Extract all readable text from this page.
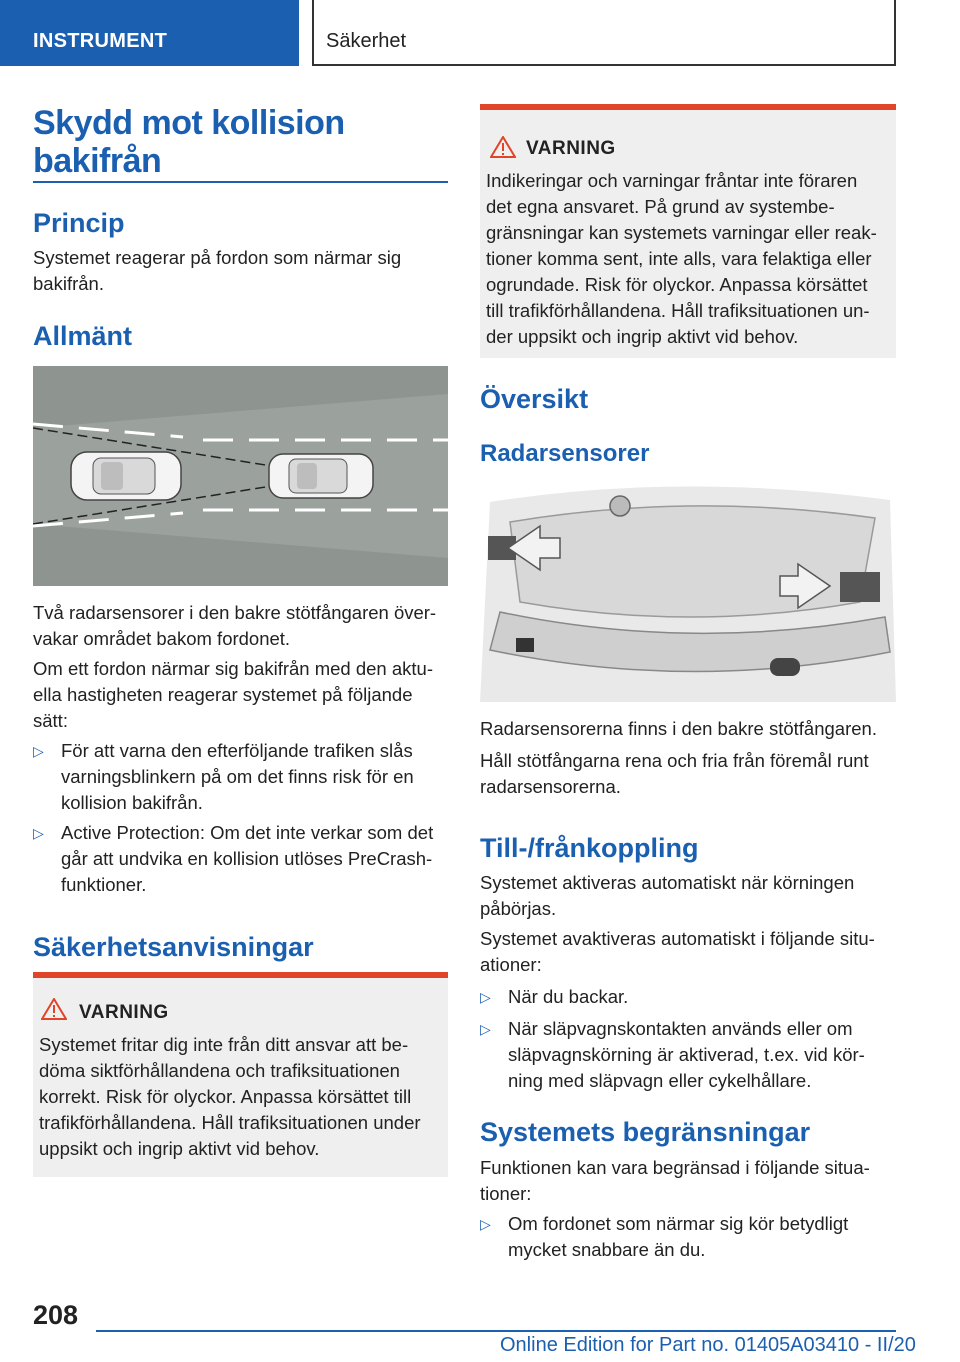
INSTRUMENT	Säkerhet
Skydd mot kollision
bakifrån
Princip
Systemet reagerar på fordon som närmar sig
bakifrån.
Allmänt
Två radarsensorer i den bakre stötfångaren över‐
vakar området bakom fordonet.
Om ett fordon närmar sig bakifrån med den aktu‐
ella hastigheten reagerar systemet på följande
sätt:
▷ För att varna den efterföljande trafiken slås
varningsblinkern på om det finns risk för en
kollision bakifrån.
▷ Active Protection: Om det inte verkar som det
går att undvika en kollision utlöses PreCrash-
funktioner.
Säkerhetsanvisningar
VARNING
Systemet fritar dig inte från ditt ansvar att be‐
döma siktförhållandena och trafiksituationen
korrekt. Risk för olyckor. Anpassa körsättet till
trafikförhållandena. Håll trafiksituationen under
uppsikt och ingrip aktivt vid behov.
VARNING
Indikeringar och varningar fråntar inte föraren
det egna ansvaret. På grund av systembe‐
gränsningar kan systemets varningar eller reak‐
tioner komma sent, inte alls, vara felaktiga eller
ogrundade. Risk för olyckor. Anpassa körsättet
till trafikförhållandena. Håll trafiksituationen un‐
der uppsikt och ingrip aktivt vid behov.
Översikt
Radarsensorer
Radarsensorerna finns i den bakre stötfångaren.
Håll stötfångarna rena och fria från föremål runt
radarsensorerna.
Till-/frånkoppling
Systemet aktiveras automatiskt när körningen
påbörjas.
Systemet avaktiveras automatiskt i följande situ‐
ationer:
▷ När du backar.
▷ När släpvagnskontakten används eller om
släpvagnskörning är aktiverad, t.ex. vid kör‐
ning med släpvagn eller cykelhållare.
Systemets begränsningar
Funktionen kan vara begränsad i följande situa‐
tioner:
▷ Om fordonet som närmar sig kör betydligt
mycket snabbare än du.
208
Online Edition for Part no. 01405A03410 - II/20
